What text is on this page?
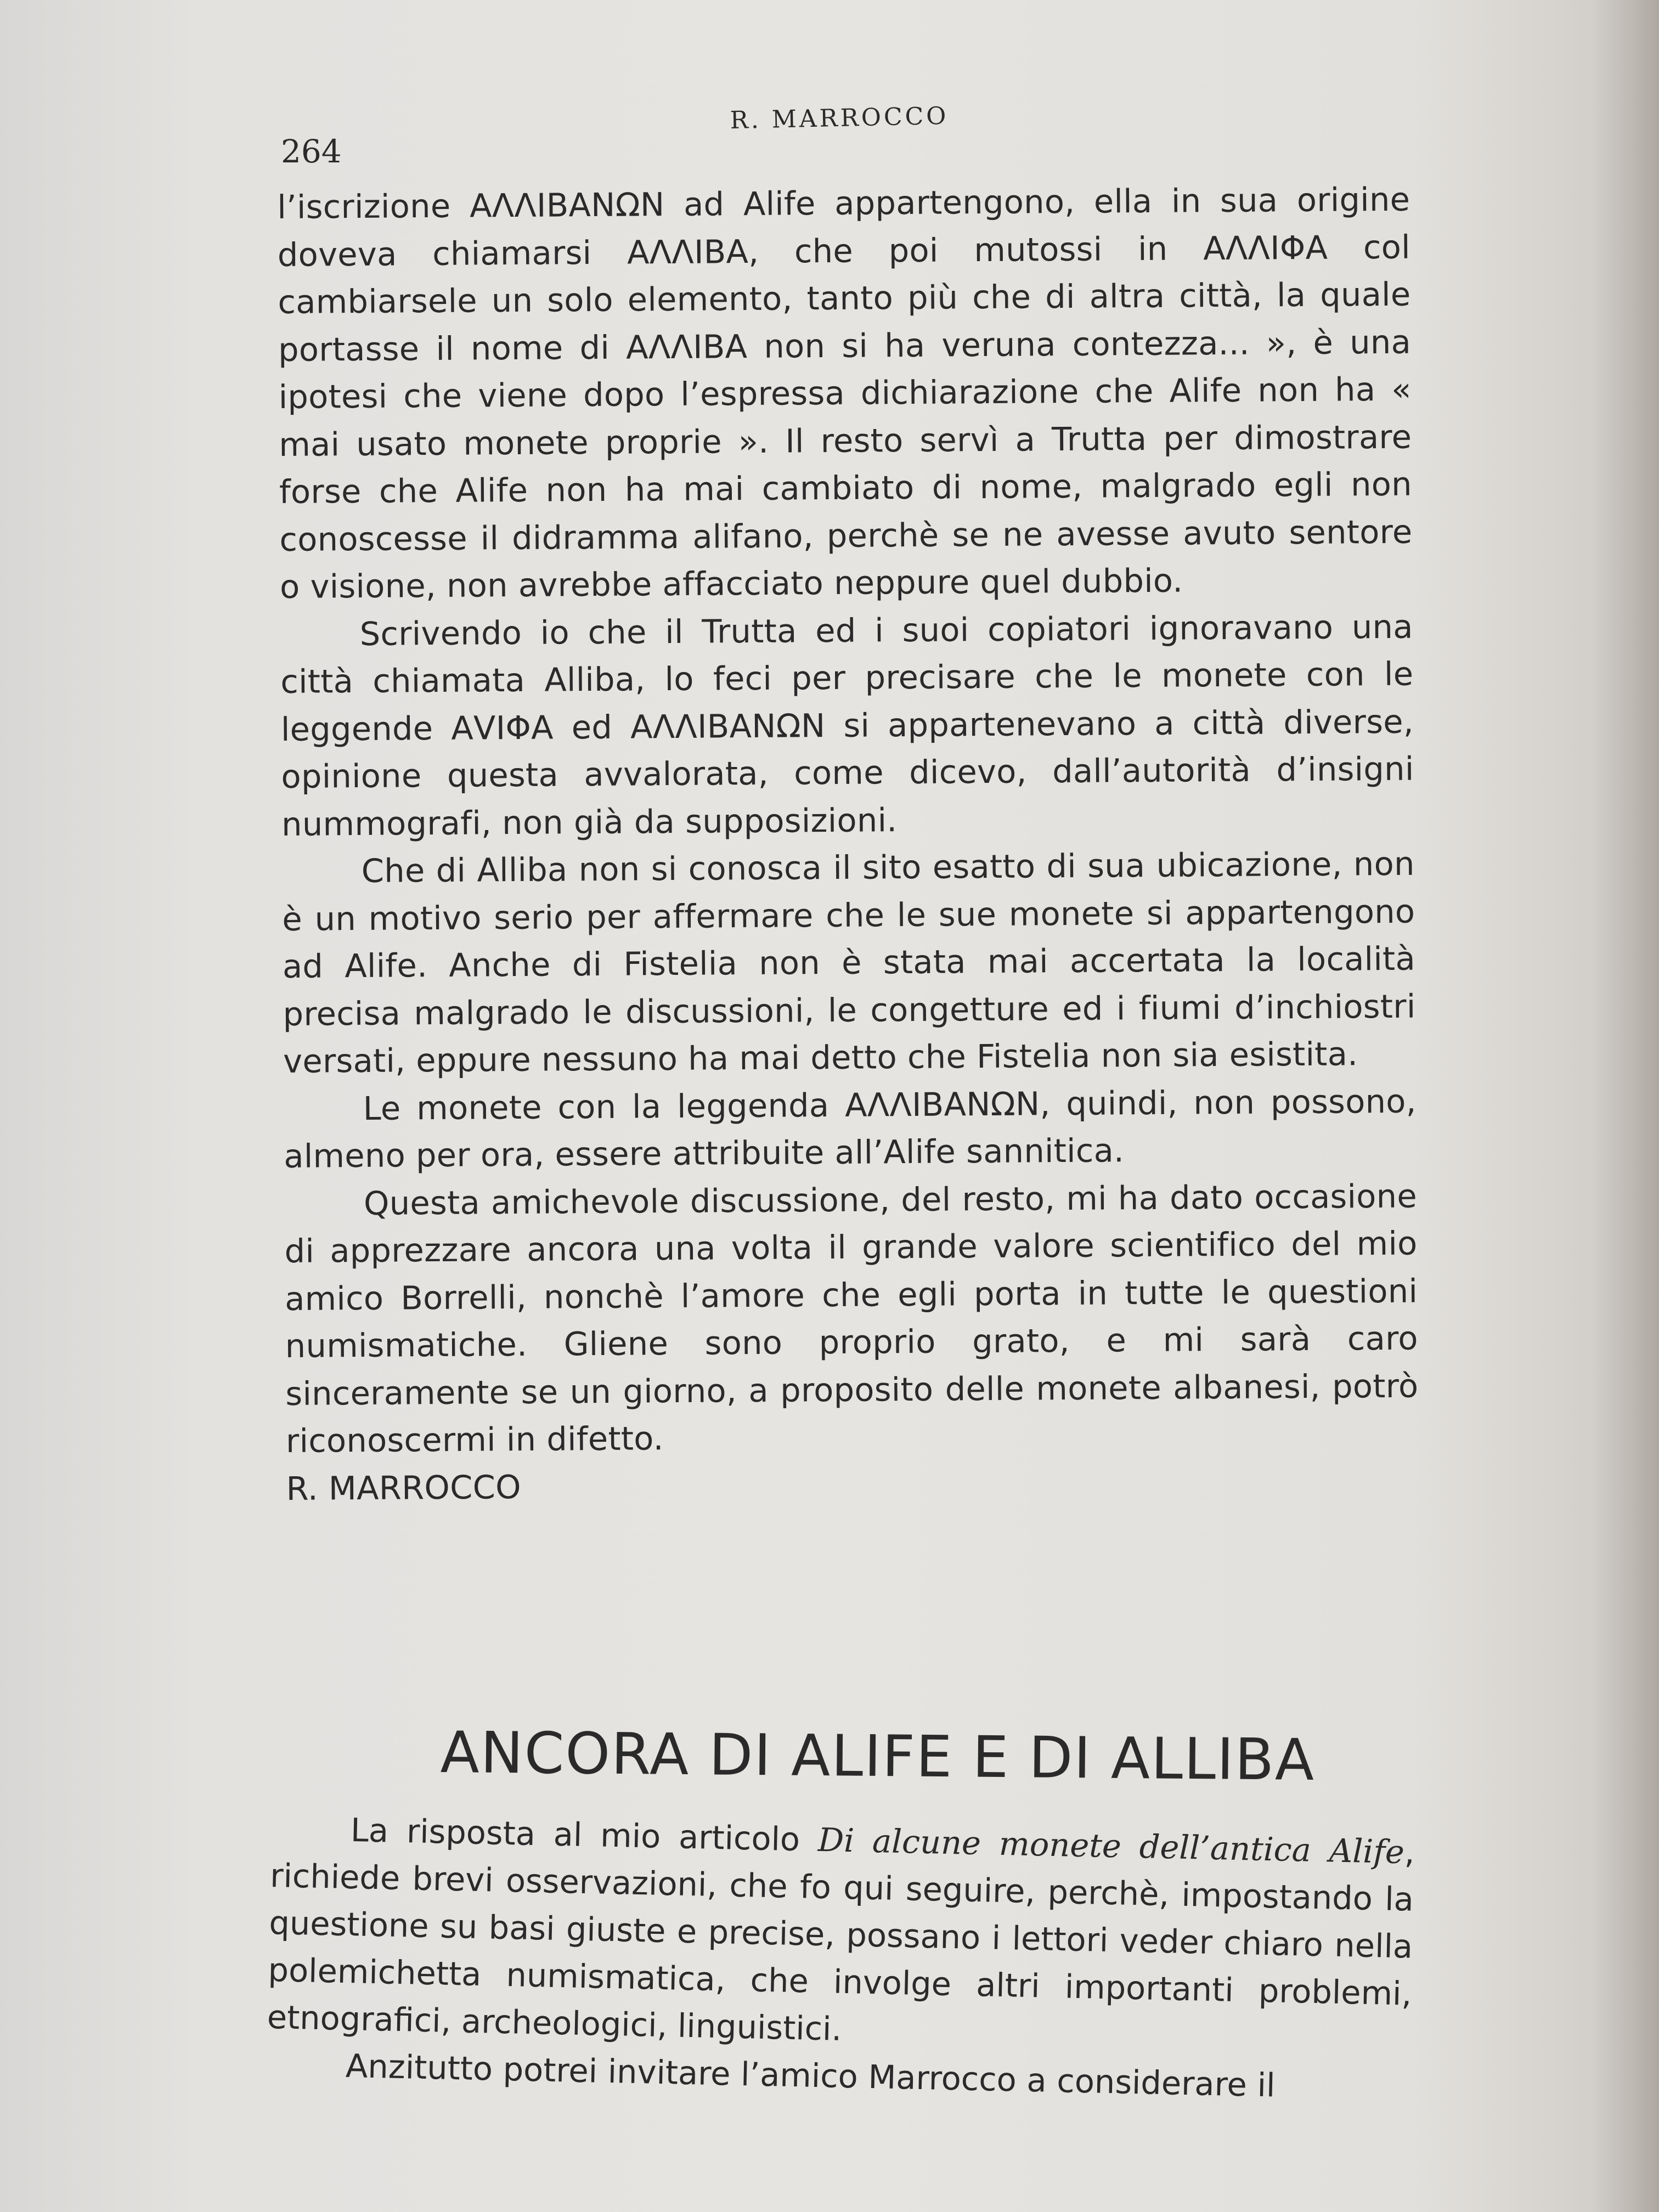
R. MARROCCO
264

l’iscrizione ΑΛΛΙΒΑΝΩΝ ad Alife appartengono, ella in sua origine doveva chiamarsi ΑΛΛΙΒΑ, che poi mutossi in ΑΛΛΙΦΑ col cambiarsele un solo elemento, tanto più che di altra città, la quale portasse il nome di ΑΛΛΙΒΑ non si ha veruna contezza... », è una ipotesi che viene dopo l’espressa dichiarazione che Alife non ha « mai usato monete proprie ». Il resto servì a Trutta per dimostrare forse che Alife non ha mai cambiato di nome, malgrado egli non conoscesse il didramma alifano, perchè se ne avesse avuto sentore o visione, non avrebbe affacciato neppure quel dubbio.

Scrivendo io che il Trutta ed i suoi copiatori ignoravano una città chiamata Alliba, lo feci per precisare che le monete con le leggende ΑVΙΦΑ ed ΑΛΛΙΒΑΝΩΝ si appartenevano a città diverse, opinione questa avvalorata, come dicevo, dall’autorità d’insigni nummografi, non già da supposizioni.

Che di Alliba non si conosca il sito esatto di sua ubicazione, non è un motivo serio per affermare che le sue monete si appartengono ad Alife. Anche di Fistelia non è stata mai accertata la località precisa malgrado le discussioni, le congetture ed i fiumi d’inchiostri versati, eppure nessuno ha mai detto che Fistelia non sia esistita.

Le monete con la leggenda ΑΛΛΙΒΑΝΩΝ, quindi, non possono, almeno per ora, essere attribuite all’Alife sannitica.

Questa amichevole discussione, del resto, mi ha dato occasione di apprezzare ancora una volta il grande valore scientifico del mio amico Borrelli, nonchè l’amore che egli porta in tutte le questioni numismatiche. Gliene sono proprio grato, e mi sarà caro sinceramente se un giorno, a proposito delle monete albanesi, potrò riconoscermi in difetto.

R. MARROCCO

ANCORA DI ALIFE E DI ALLIBA

La risposta al mio articolo Di alcune monete dell’antica Alife, richiede brevi osservazioni, che fo qui seguire, perchè, impostando la questione su basi giuste e precise, possano i lettori veder chiaro nella polemichetta numismatica, che involge altri importanti problemi, etnografici, archeologici, linguistici.

Anzitutto potrei invitare l’amico Marrocco a considerare il
